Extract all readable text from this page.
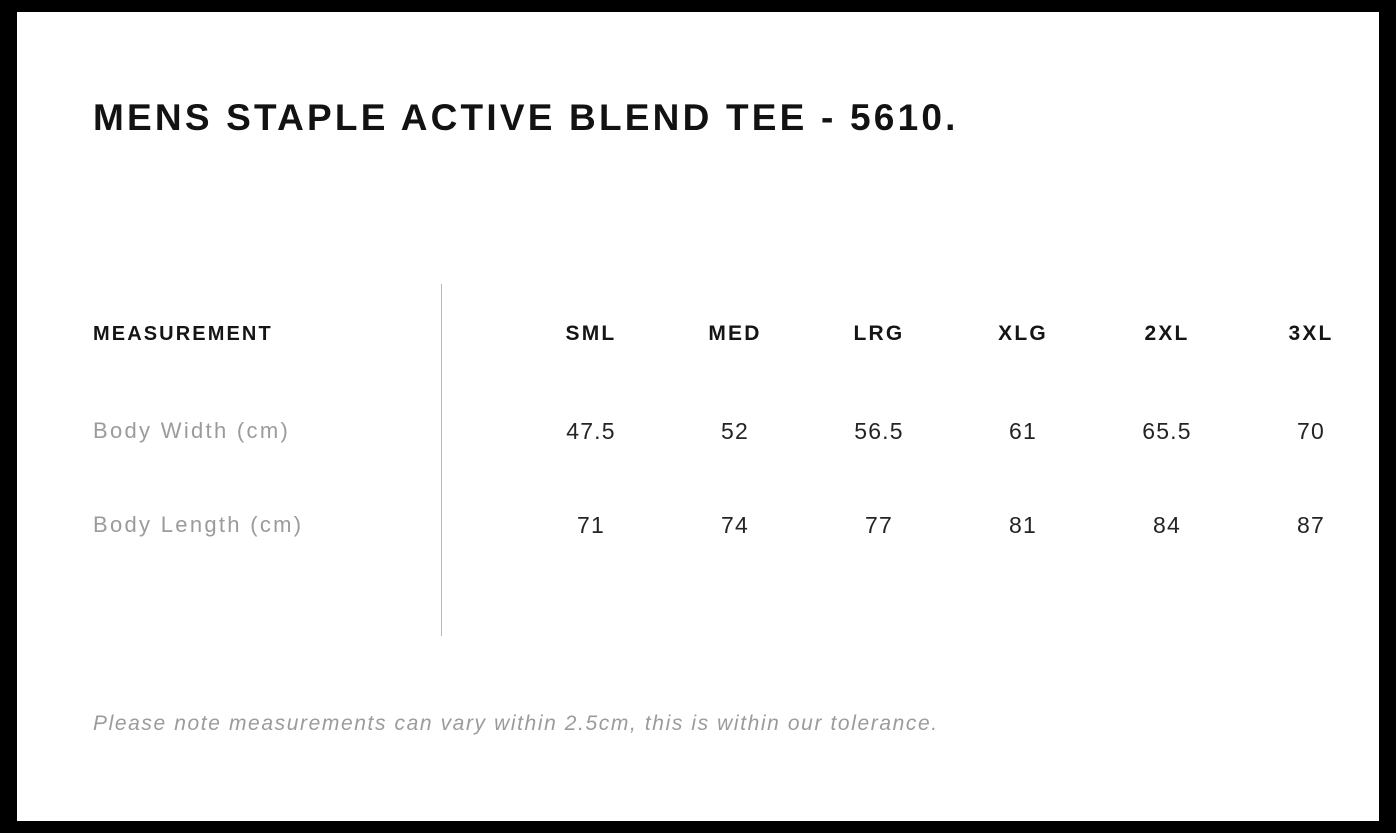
MENS STAPLE ACTIVE BLEND TEE - 5610.
MEASUREMENT		SML	MED	LRG	XLG	2XL	3XL
Body Width (cm)		47.5	52	56.5	61	65.5	70
Body Length (cm)		71	74	77	81	84	87
Please note measurements can vary within 2.5cm, this is within our tolerance.
